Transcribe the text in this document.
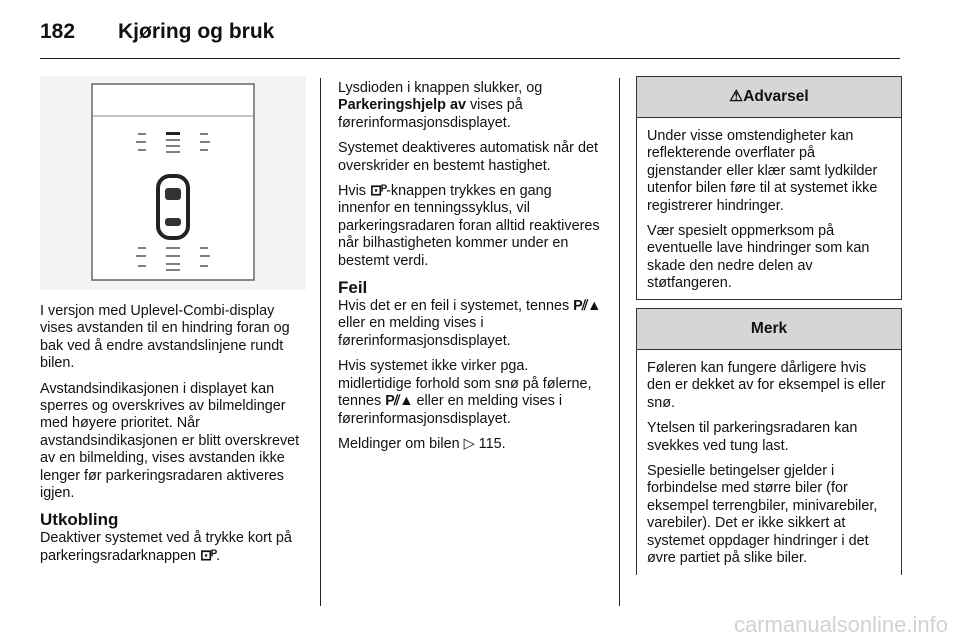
182 Kjøring og bruk

I versjon med Uplevel-Combi-display vises avstanden til en hindring foran og bak ved å endre avstandslinjene rundt bilen.

Avstandsindikasjonen i displayet kan sperres og overskrives av bilmeldinger med høyere prioritet. Når avstandsindikasjonen er blitt overskrevet av en bilmelding, vises avstanden ikke lenger før parkeringsradaren aktiveres igjen.

Utkobling

Deaktiver systemet ved å trykke kort på parkeringsradarknappen ⊡ᴾ.

Lysdioden i knappen slukker, og Parkeringshjelp av vises på førerinformasjonsdisplayet.

Systemet deaktiveres automatisk når det overskrider en bestemt hastighet.

Hvis ⊡ᴾ-knappen trykkes en gang innenfor en tenningssyklus, vil parkeringsradaren foran alltid reaktiveres når bilhastigheten kommer under en bestemt verdi.

Feil

Hvis det er en feil i systemet, tennes P⫽▲ eller en melding vises i førerinformasjonsdisplayet.

Hvis systemet ikke virker pga. midlertidige forhold som snø på følerne, tennes P⫽▲ eller en melding vises i førerinformasjonsdisplayet.

Meldinger om bilen ▷ 115.

⚠Advarsel

Under visse omstendigheter kan reflekterende overflater på gjenstander eller klær samt lydkilder utenfor bilen føre til at systemet ikke registrerer hindringer.

Vær spesielt oppmerksom på eventuelle lave hindringer som kan skade den nedre delen av støtfangeren.

Merk

Føleren kan fungere dårligere hvis den er dekket av for eksempel is eller snø.

Ytelsen til parkeringsradaren kan svekkes ved tung last.

Spesielle betingelser gjelder i forbindelse med større biler (for eksempel terrengbiler, minivarebiler, varebiler). Det er ikke sikkert at systemet oppdager hindringer i det øvre partiet på slike biler.

carmanualsonline.info
